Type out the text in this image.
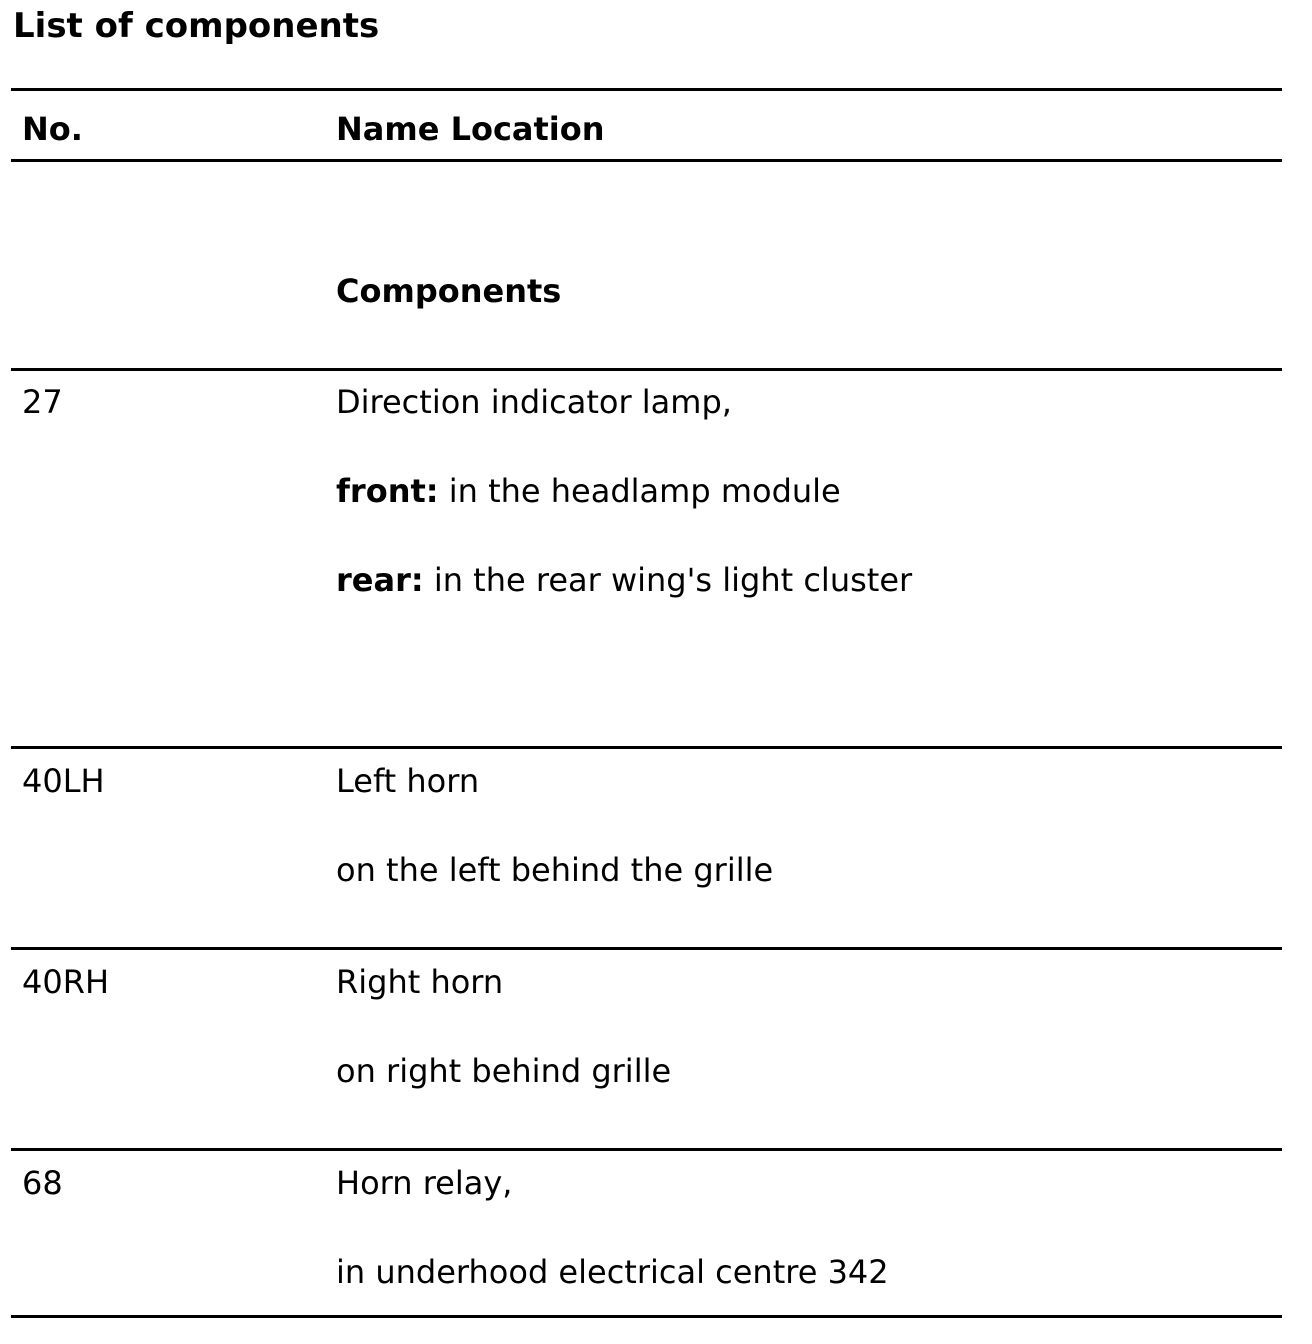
List of components
No.	Name Location
Components
27	Direction indicator lamp,
front: in the headlamp module
rear: in the rear wing's light cluster
40LH	Left horn
on the left behind the grille
40RH	Right horn
on right behind grille
68	Horn relay,
in underhood electrical centre 342
